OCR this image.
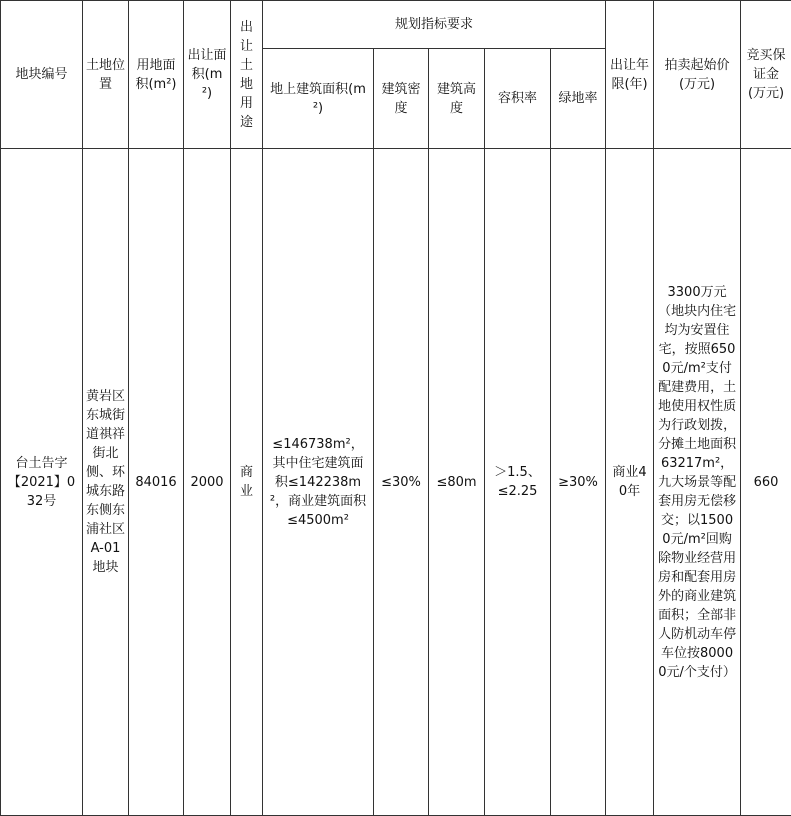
地块编号	土地位置	用地面积(m²)	出让面积(m²)	出让土地用途	规划指标要求					出让年限(年)	拍卖起始价(万元)	竞买保证金(万元)
					地上建筑面积(m²)	建筑密度	建筑高度	容积率	绿地率			
台土告字【2021】032号	黄岩区东城街道祺祥街北侧、环城东路东侧东浦社区A-01地块	84016	2000	商业	≤146738m²，其中住宅建筑面积≤142238m²，商业建筑面积≤4500m²	≤30%	≤80m	＞1.5、≤2.25	≥30%	商业40年	3300万元（地块内住宅均为安置住宅，按照6500元/m²支付配建费用，土地使用权性质为行政划拨，分摊土地面积63217m²，九大场景等配套用房无偿移交；以15000元/m²回购除物业经营用房和配套用房外的商业建筑面积；全部非人防机动车停车位按80000元/个支付）	660
